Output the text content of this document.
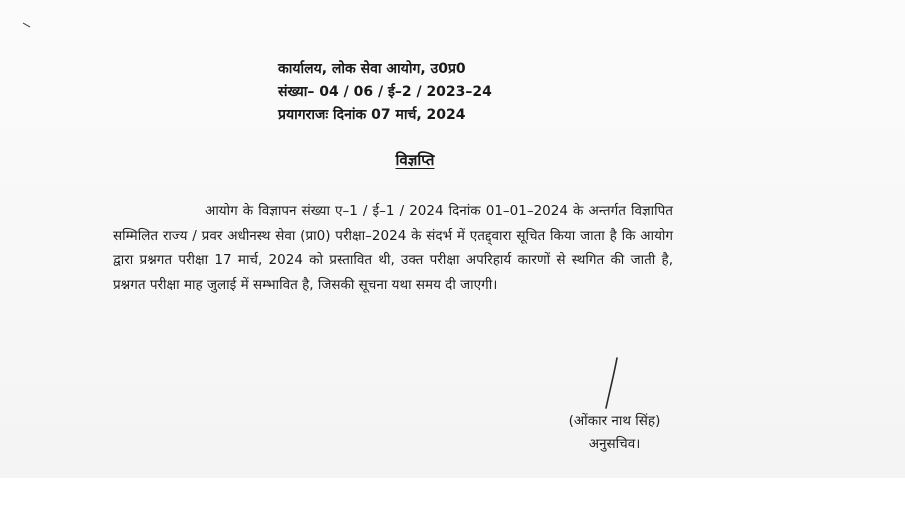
कार्यालय, लोक सेवा आयोग, उ0प्र0
संख्या– 04 / 06 / ई–2 / 2023–24
प्रयागराजः दिनांक 07 मार्च, 2024
विज्ञप्ति

आयोग के विज्ञापन संख्या ए–1 / ई–1 / 2024 दिनांक 01–01–2024 के अन्तर्गत विज्ञापित सम्मिलित राज्य / प्रवर अधीनस्थ सेवा (प्रा0) परीक्षा–2024 के संदर्भ में एतद्द्वारा सूचित किया जाता है कि आयोग द्वारा प्रश्नगत परीक्षा 17 मार्च, 2024 को प्रस्तावित थी, उक्त परीक्षा अपरिहार्य कारणों से स्थगित की जाती है, प्रश्नगत परीक्षा माह जुलाई में सम्भावित है, जिसकी सूचना यथा समय दी जाएगी।

(ओंकार नाथ सिंह)
अनुसचिव।
